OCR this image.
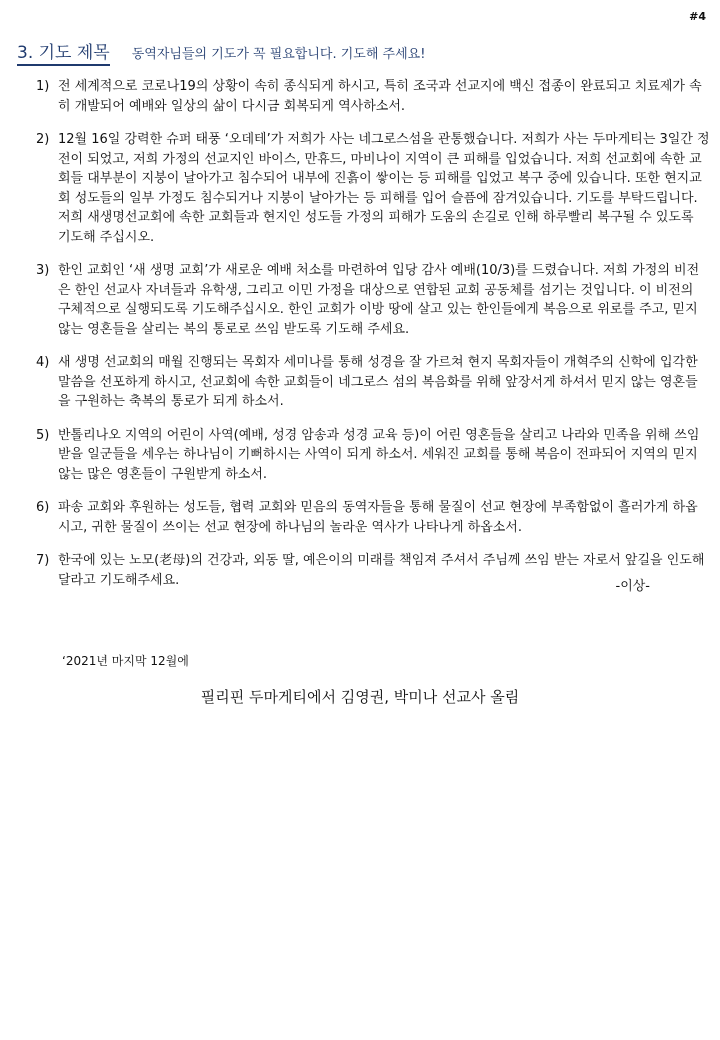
#4
3. 기도 제목 동역자님들의 기도가 꼭 필요합니다. 기도해 주세요!
1) 전 세계적으로 코로나19의 상황이 속히 종식되게 하시고, 특히 조국과 선교지에 백신 접종이 완료되고 치료제가 속히 개발되어 예배와 일상의 삶이 다시금 회복되게 역사하소서.
2) 12월 16일 강력한 슈퍼 태풍 ‘오데테’가 저희가 사는 네그로스섬을 관통했습니다. 저희가 사는 두마게티는 3일간 정전이 되었고, 저희 가정의 선교지인 바이스, 만휴드, 마비나이 지역이 큰 피해를 입었습니다. 저희 선교회에 속한 교회들 대부분이 지붕이 날아가고 침수되어 내부에 진흙이 쌓이는 등 피해를 입었고 복구 중에 있습니다. 또한 현지교회 성도들의 일부 가정도 침수되거나 지붕이 날아가는 등 피해를 입어 슬픔에 잠겨있습니다. 기도를 부탁드립니다. 저희 새생명선교회에 속한 교회들과 현지인 성도들 가정의 피해가 도움의 손길로 인해 하루빨리 복구될 수 있도록 기도해 주십시오.
3) 한인 교회인 ‘새 생명 교회’가 새로운 예배 처소를 마련하여 입당 감사 예배(10/3)를 드렸습니다. 저희 가정의 비전은 한인 선교사 자녀들과 유학생, 그리고 이민 가정을 대상으로 연합된 교회 공동체를 섬기는 것입니다. 이 비전의 구체적으로 실행되도록 기도해주십시오. 한인 교회가 이방 땅에 살고 있는 한인들에게 복음으로 위로를 주고, 믿지 않는 영혼들을 살리는 복의 통로로 쓰임 받도록 기도해 주세요.
4) 새 생명 선교회의 매월 진행되는 목회자 세미나를 통해 성경을 잘 가르쳐 현지 목회자들이 개혁주의 신학에 입각한 말씀을 선포하게 하시고, 선교회에 속한 교회들이 네그로스 섬의 복음화를 위해 앞장서게 하셔서 믿지 않는 영혼들을 구원하는 축복의 통로가 되게 하소서.
5) 반톨리나오 지역의 어린이 사역(예배, 성경 암송과 성경 교육 등)이 어린 영혼들을 살리고 나라와 민족을 위해 쓰임 받을 일군들을 세우는 하나님이 기뻐하시는 사역이 되게 하소서. 세워진 교회를 통해 복음이 전파되어 지역의 믿지 않는 많은 영혼들이 구원받게 하소서.
6) 파송 교회와 후원하는 성도들, 협력 교회와 믿음의 동역자들을 통해 물질이 선교 현장에 부족함없이 흘러가게 하옵시고, 귀한 물질이 쓰이는 선교 현장에 하나님의 놀라운 역사가 나타나게 하옵소서.
7) 한국에 있는 노모(老母)의 건강과, 외동 딸, 예은이의 미래를 책임져 주셔서 주님께 쓰임 받는 자로서 앞길을 인도해 달라고 기도해주세요.	-이상-
‘2021년 마지막 12월에
필리핀 두마게티에서 김영권, 박미나 선교사 올림
